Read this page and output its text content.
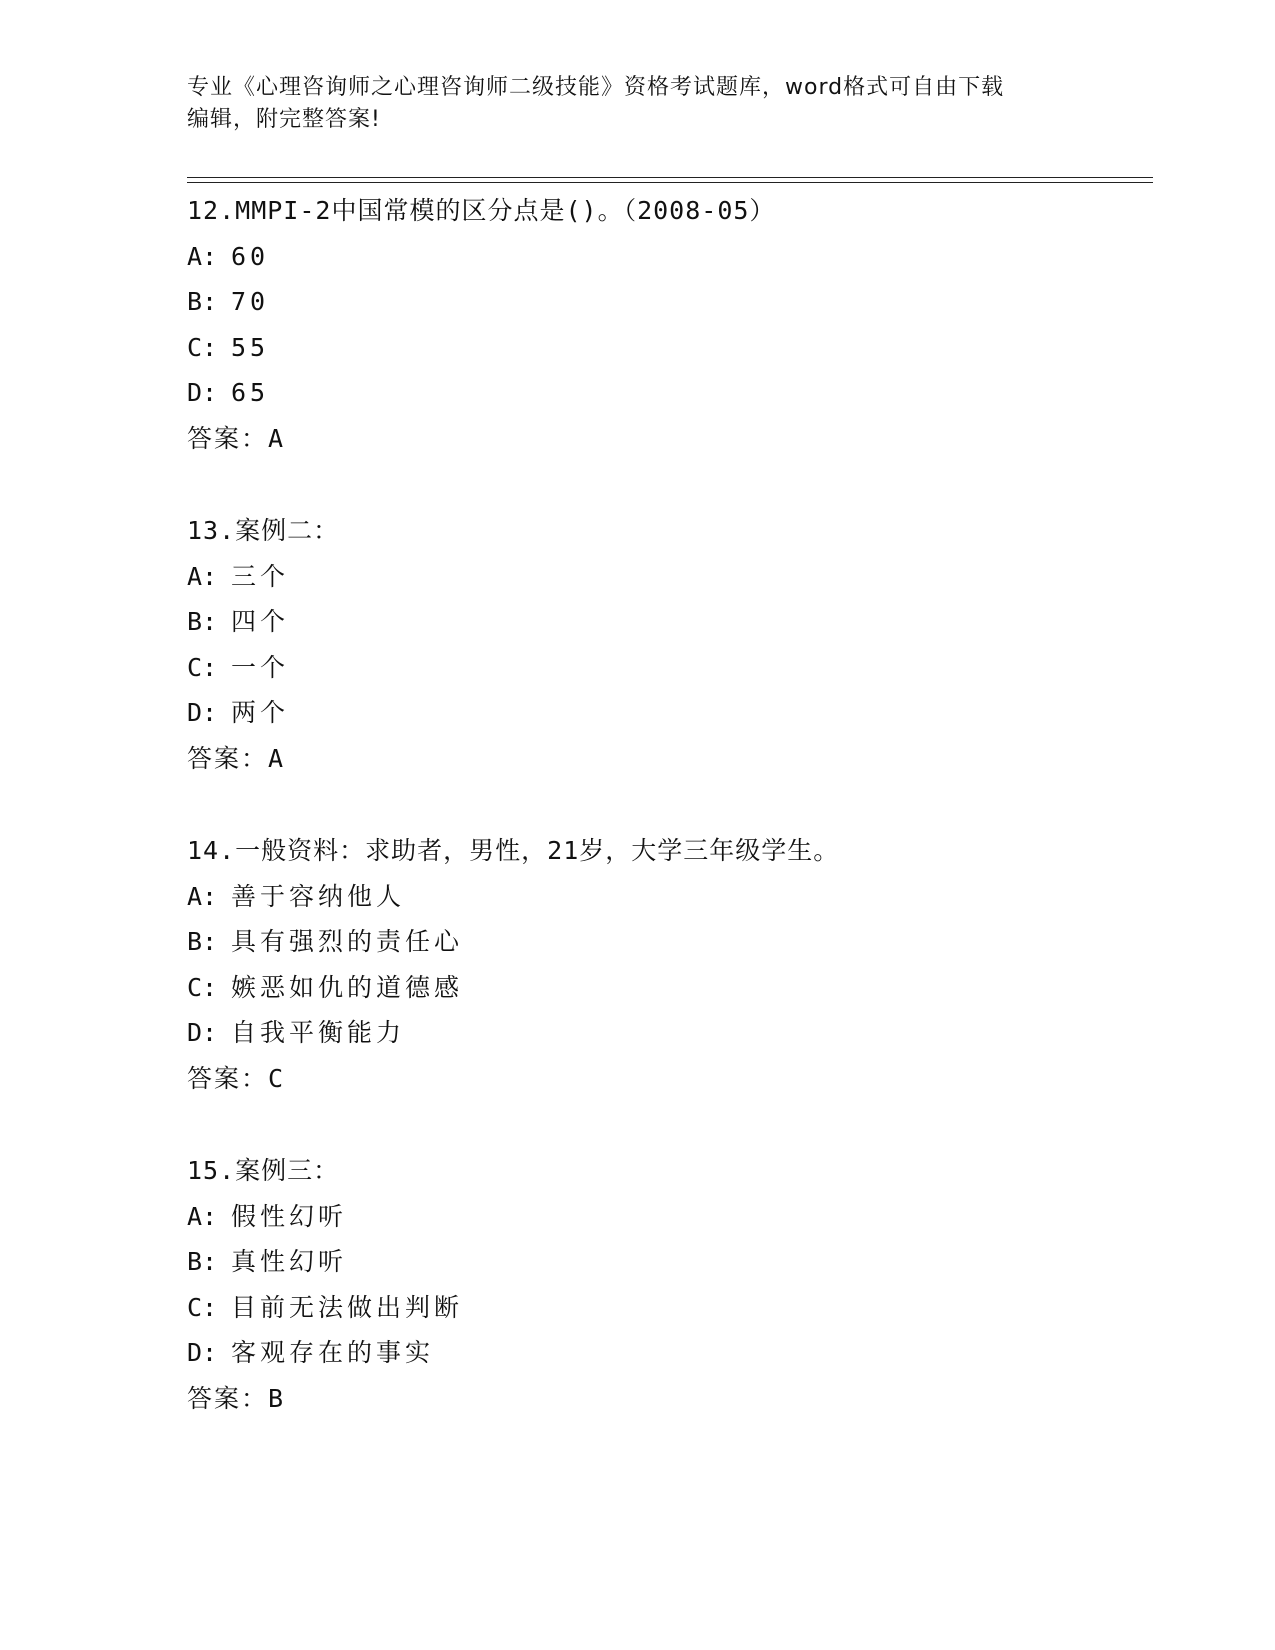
专业《心理咨询师之心理咨询师二级技能》资格考试题库，word格式可自由下载
编辑，附完整答案!
12.MMPI-2中国常模的区分点是()。（2008-05）
A: 60
B: 70
C: 55
D: 65
答案：A
13.案例二：
A: 三个
B: 四个
C: 一个
D: 两个
答案：A
14.一般资料：求助者，男性，21岁，大学三年级学生。
A: 善于容纳他人
B: 具有强烈的责任心
C: 嫉恶如仇的道德感
D: 自我平衡能力
答案：C
15.案例三：
A: 假性幻听
B: 真性幻听
C: 目前无法做出判断
D: 客观存在的事实
答案：B
